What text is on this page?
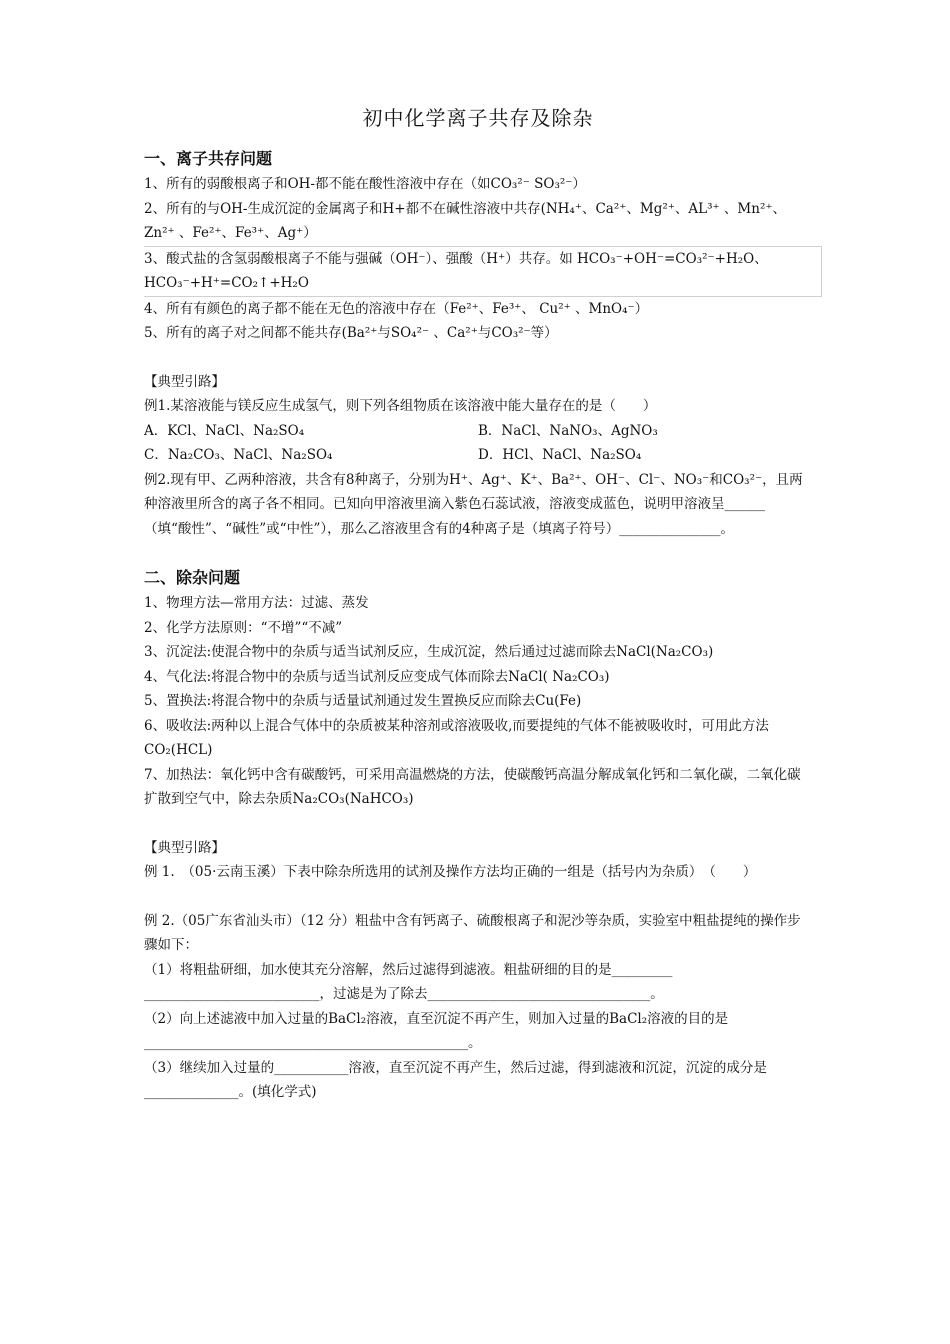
初中化学离子共存及除杂
一、离子共存问题

1、所有的弱酸根离子和OH-都不能在酸性溶液中存在（如CO₃²⁻ SO₃²⁻）

2、所有的与OH-生成沉淀的金属离子和H+都不在碱性溶液中共存(NH₄⁺、Ca²⁺、Mg²⁺、AL³⁺ 、Mn²⁺、

Zn²⁺ 、Fe²⁺、Fe³⁺、Ag⁺）

3、酸式盐的含氢弱酸根离子不能与强碱（OH⁻）、强酸（H⁺）共存。如 HCO₃⁻+OH⁻=CO₃²⁻+H₂O、

HCO₃⁻+H⁺=CO₂↑+H₂O

4、所有有颜色的离子都不能在无色的溶液中存在（Fe²⁺、Fe³⁺、 Cu²⁺ 、MnO₄⁻）

5、所有的离子对之间都不能共存(Ba²⁺与SO₄²⁻ 、Ca²⁺与CO₃²⁻等）

【典型引路】

例1.某溶液能与镁反应生成氢气，则下列各组物质在该溶液中能大量存在的是（　　）

A．KCl、NaCl、Na₂SO₄	B．NaCl、NaNO₃、AgNO₃
C．Na₂CO₃、NaCl、Na₂SO₄	D．HCl、NaCl、Na₂SO₄

例2.现有甲、乙两种溶液，共含有8种离子，分别为H⁺、Ag⁺、K⁺、Ba²⁺、OH⁻、Cl⁻、NO₃⁻和CO₃²⁻，且两种溶液里所含的离子各不相同。已知向甲溶液里滴入紫色石蕊试液，溶液变成蓝色，说明甲溶液呈______（填“酸性”、“碱性”或“中性”），那么乙溶液里含有的4种离子是（填离子符号）_______________。

二、除杂问题

1、物理方法—常用方法：过滤、蒸发

2、化学方法原则：“不增”“不减”

3、沉淀法:使混合物中的杂质与适当试剂反应，生成沉淀，然后通过过滤而除去NaCl(Na₂CO₃)

4、气化法:将混合物中的杂质与适当试剂反应变成气体而除去NaCl( Na₂CO₃)

5、置换法:将混合物中的杂质与适量试剂通过发生置换反应而除去Cu(Fe)

6、吸收法:两种以上混合气体中的杂质被某种溶剂或溶液吸收,而要提纯的气体不能被吸收时，可用此方法CO₂(HCL)

7、加热法：氧化钙中含有碳酸钙，可采用高温燃烧的方法，使碳酸钙高温分解成氧化钙和二氧化碳，二氧化碳扩散到空气中，除去杂质Na₂CO₃(NaHCO₃)

【典型引路】

例 1.　（05·云南玉溪）下表中除杂所选用的试剂及操作方法均正确的一组是（括号内为杂质）　（　　）

例 2.（05广东省汕头市）（12 分）粗盐中含有钙离子、硫酸根离子和泥沙等杂质，实验室中粗盐提纯的操作步骤如下：

（1）将粗盐研细，加水使其充分溶解，然后过滤得到滤液。粗盐研细的目的是_________ __________________________，过滤是为了除去_________________________________。

（2）向上述滤液中加入过量的BaCl₂溶液，直至沉淀不再产生，则加入过量的BaCl₂溶液的目的是________________________________________________。

（3）继续加入过量的___________溶液，直至沉淀不再产生，然后过滤，得到滤液和沉淀，沉淀的成分是______________。(填化学式)
